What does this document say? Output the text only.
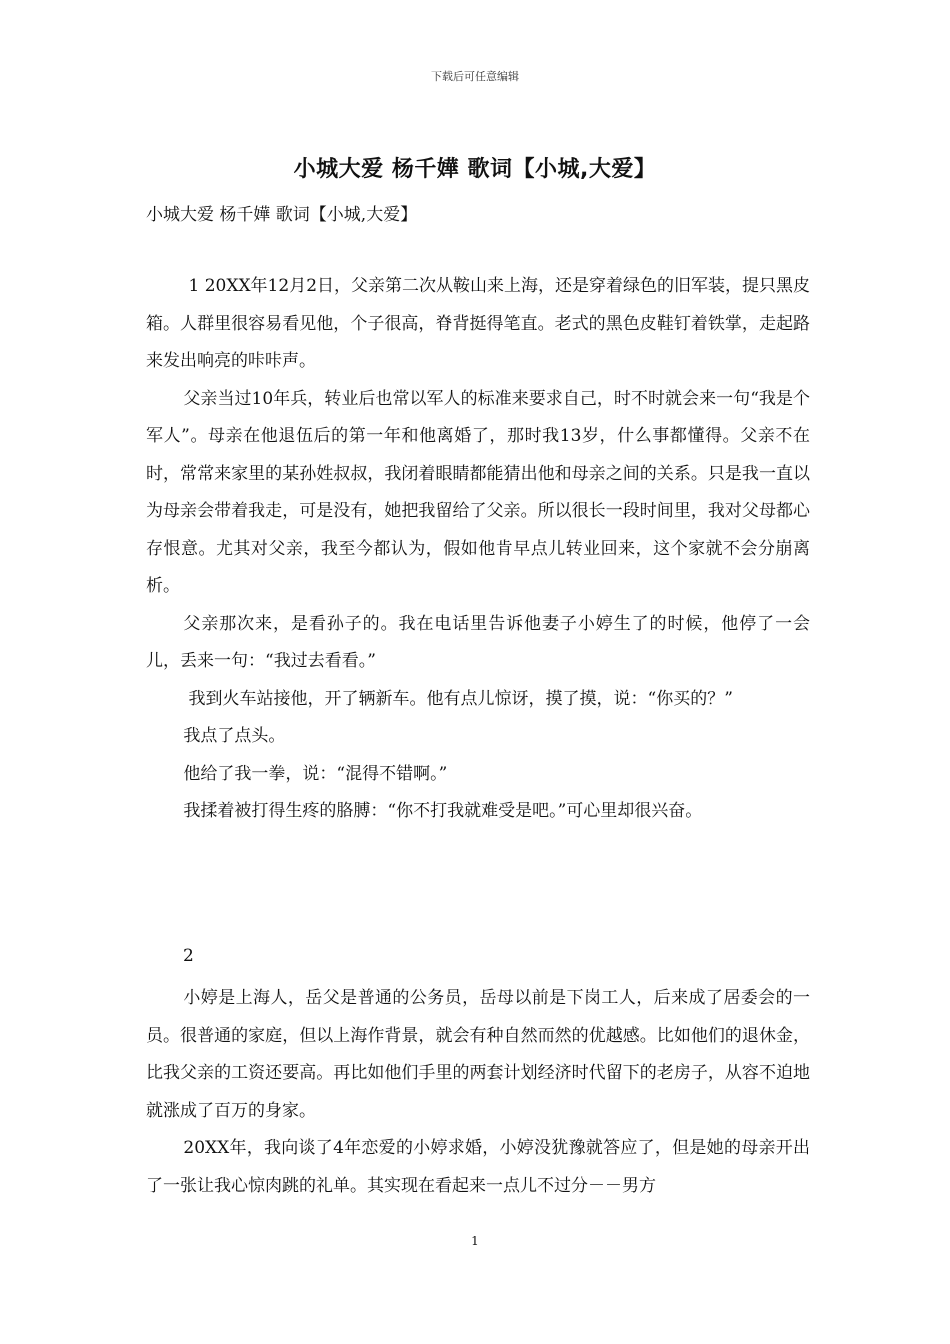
下载后可任意编辑
小城大爱 杨千嬅 歌词【小城,大爱】
小城大爱 杨千嬅 歌词【小城,大爱】

1 20XX年12月2日，父亲第二次从鞍山来上海，还是穿着绿色的旧军装，提只黑皮箱。人群里很容易看见他，个子很高，脊背挺得笔直。老式的黑色皮鞋钉着铁掌，走起路来发出响亮的咔咔声。

父亲当过10年兵，转业后也常以军人的标准来要求自己，时不时就会来一句“我是个军人”。母亲在他退伍后的第一年和他离婚了，那时我13岁，什么事都懂得。父亲不在时，常常来家里的某孙姓叔叔，我闭着眼睛都能猜出他和母亲之间的关系。只是我一直以为母亲会带着我走，可是没有，她把我留给了父亲。所以很长一段时间里，我对父母都心存恨意。尤其对父亲，我至今都认为，假如他肯早点儿转业回来，这个家就不会分崩离析。

父亲那次来，是看孙子的。我在电话里告诉他妻子小婷生了的时候，他停了一会儿，丢来一句：“我过去看看。”

我到火车站接他，开了辆新车。他有点儿惊讶，摸了摸，说：“你买的？”

我点了点头。

他给了我一拳，说：“混得不错啊。”

我揉着被打得生疼的胳膊：“你不打我就难受是吧。”可心里却很兴奋。

2

小婷是上海人，岳父是普通的公务员，岳母以前是下岗工人，后来成了居委会的一员。很普通的家庭，但以上海作背景，就会有种自然而然的优越感。比如他们的退休金，比我父亲的工资还要高。再比如他们手里的两套计划经济时代留下的老房子，从容不迫地就涨成了百万的身家。

20XX年，我向谈了4年恋爱的小婷求婚，小婷没犹豫就答应了，但是她的母亲开出了一张让我心惊肉跳的礼单。其实现在看起来一点儿不过分－－男方

1
